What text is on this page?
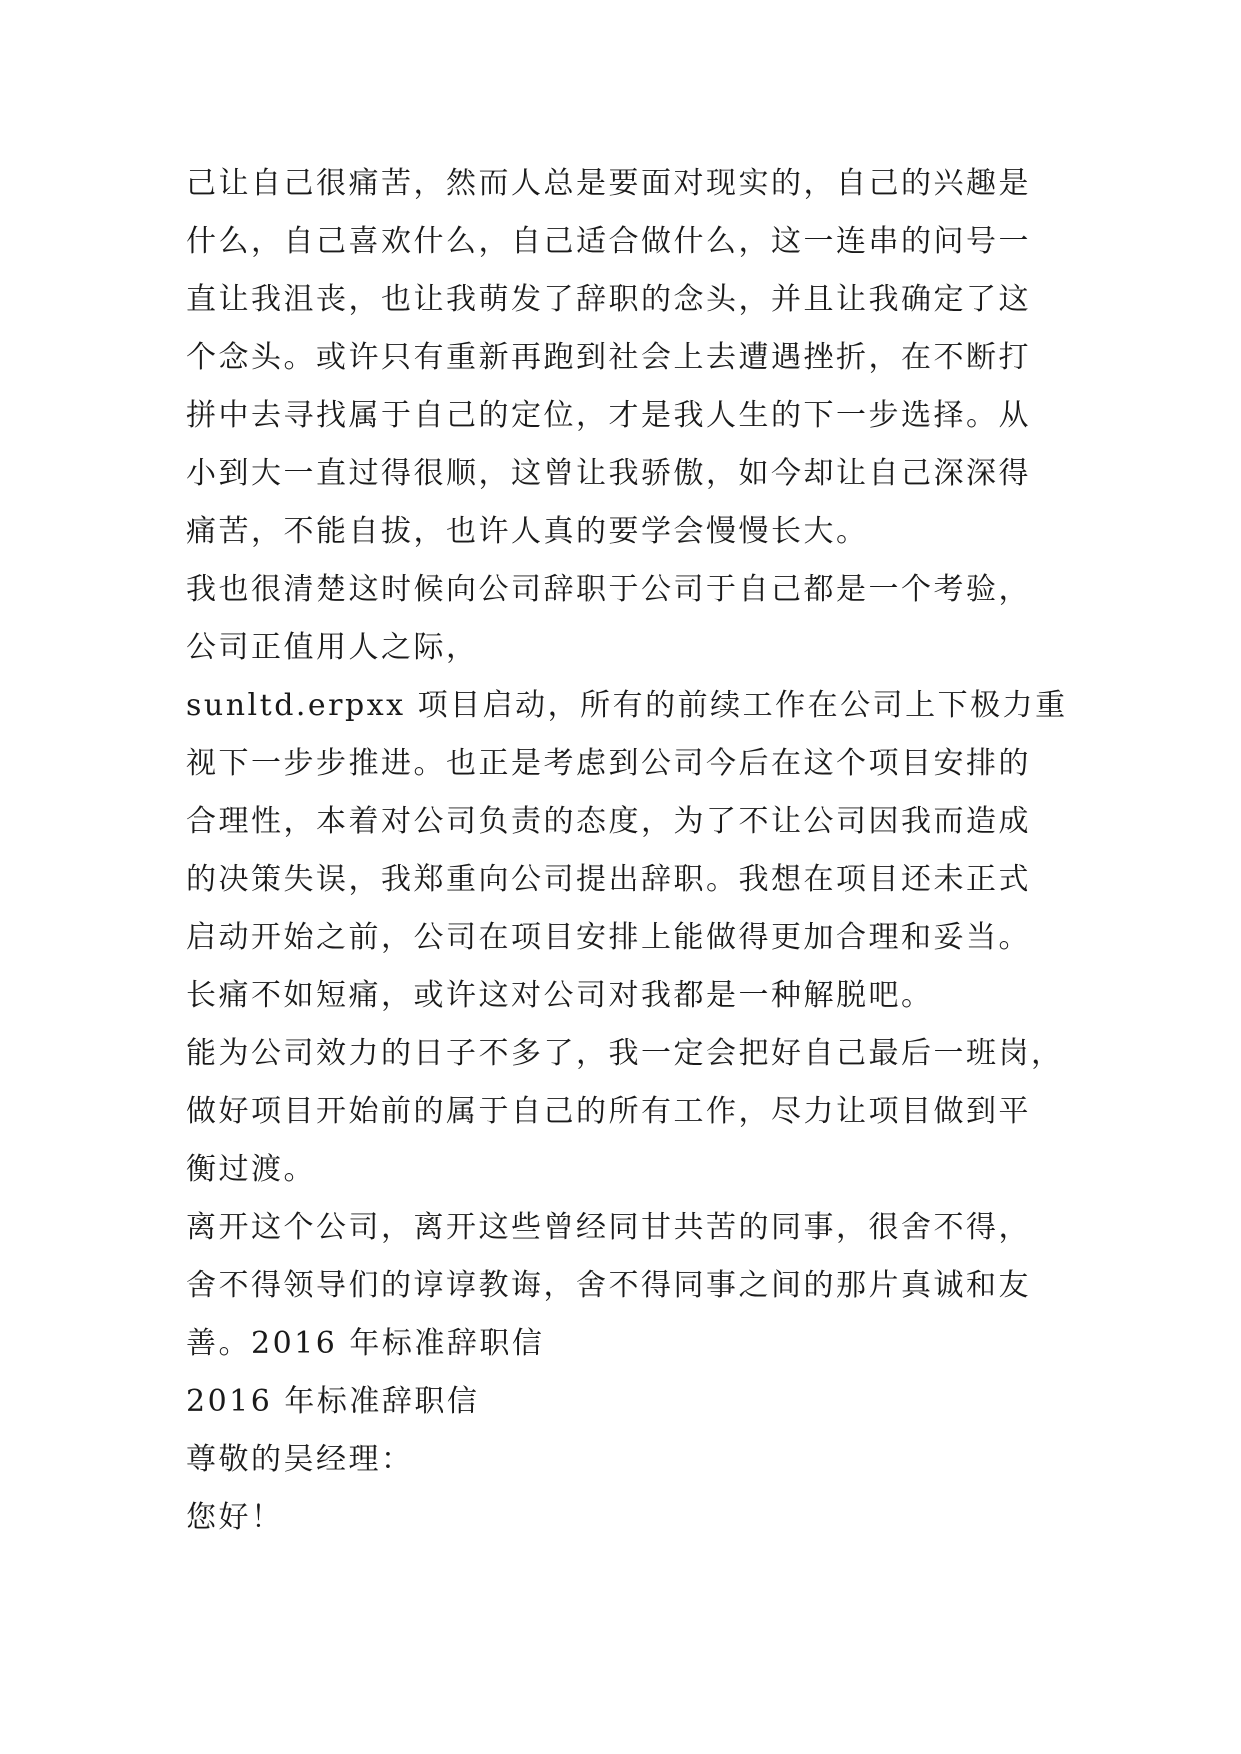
己让自己很痛苦，然而人总是要面对现实的，自己的兴趣是
什么，自己喜欢什么，自己适合做什么，这一连串的问号一
直让我沮丧，也让我萌发了辞职的念头，并且让我确定了这
个念头。或许只有重新再跑到社会上去遭遇挫折，在不断打
拼中去寻找属于自己的定位，才是我人生的下一步选择。从
小到大一直过得很顺，这曾让我骄傲，如今却让自己深深得
痛苦，不能自拔，也许人真的要学会慢慢长大。
我也很清楚这时候向公司辞职于公司于自己都是一个考验，
公司正值用人之际，
sunltd.erpxx 项目启动，所有的前续工作在公司上下极力重
视下一步步推进。也正是考虑到公司今后在这个项目安排的
合理性，本着对公司负责的态度，为了不让公司因我而造成
的决策失误，我郑重向公司提出辞职。我想在项目还未正式
启动开始之前，公司在项目安排上能做得更加合理和妥当。
长痛不如短痛，或许这对公司对我都是一种解脱吧。
能为公司效力的日子不多了，我一定会把好自己最后一班岗，
做好项目开始前的属于自己的所有工作，尽力让项目做到平
衡过渡。
离开这个公司，离开这些曾经同甘共苦的同事，很舍不得，
舍不得领导们的谆谆教诲，舍不得同事之间的那片真诚和友
善。2016 年标准辞职信
2016 年标准辞职信
尊敬的吴经理：
您好！
